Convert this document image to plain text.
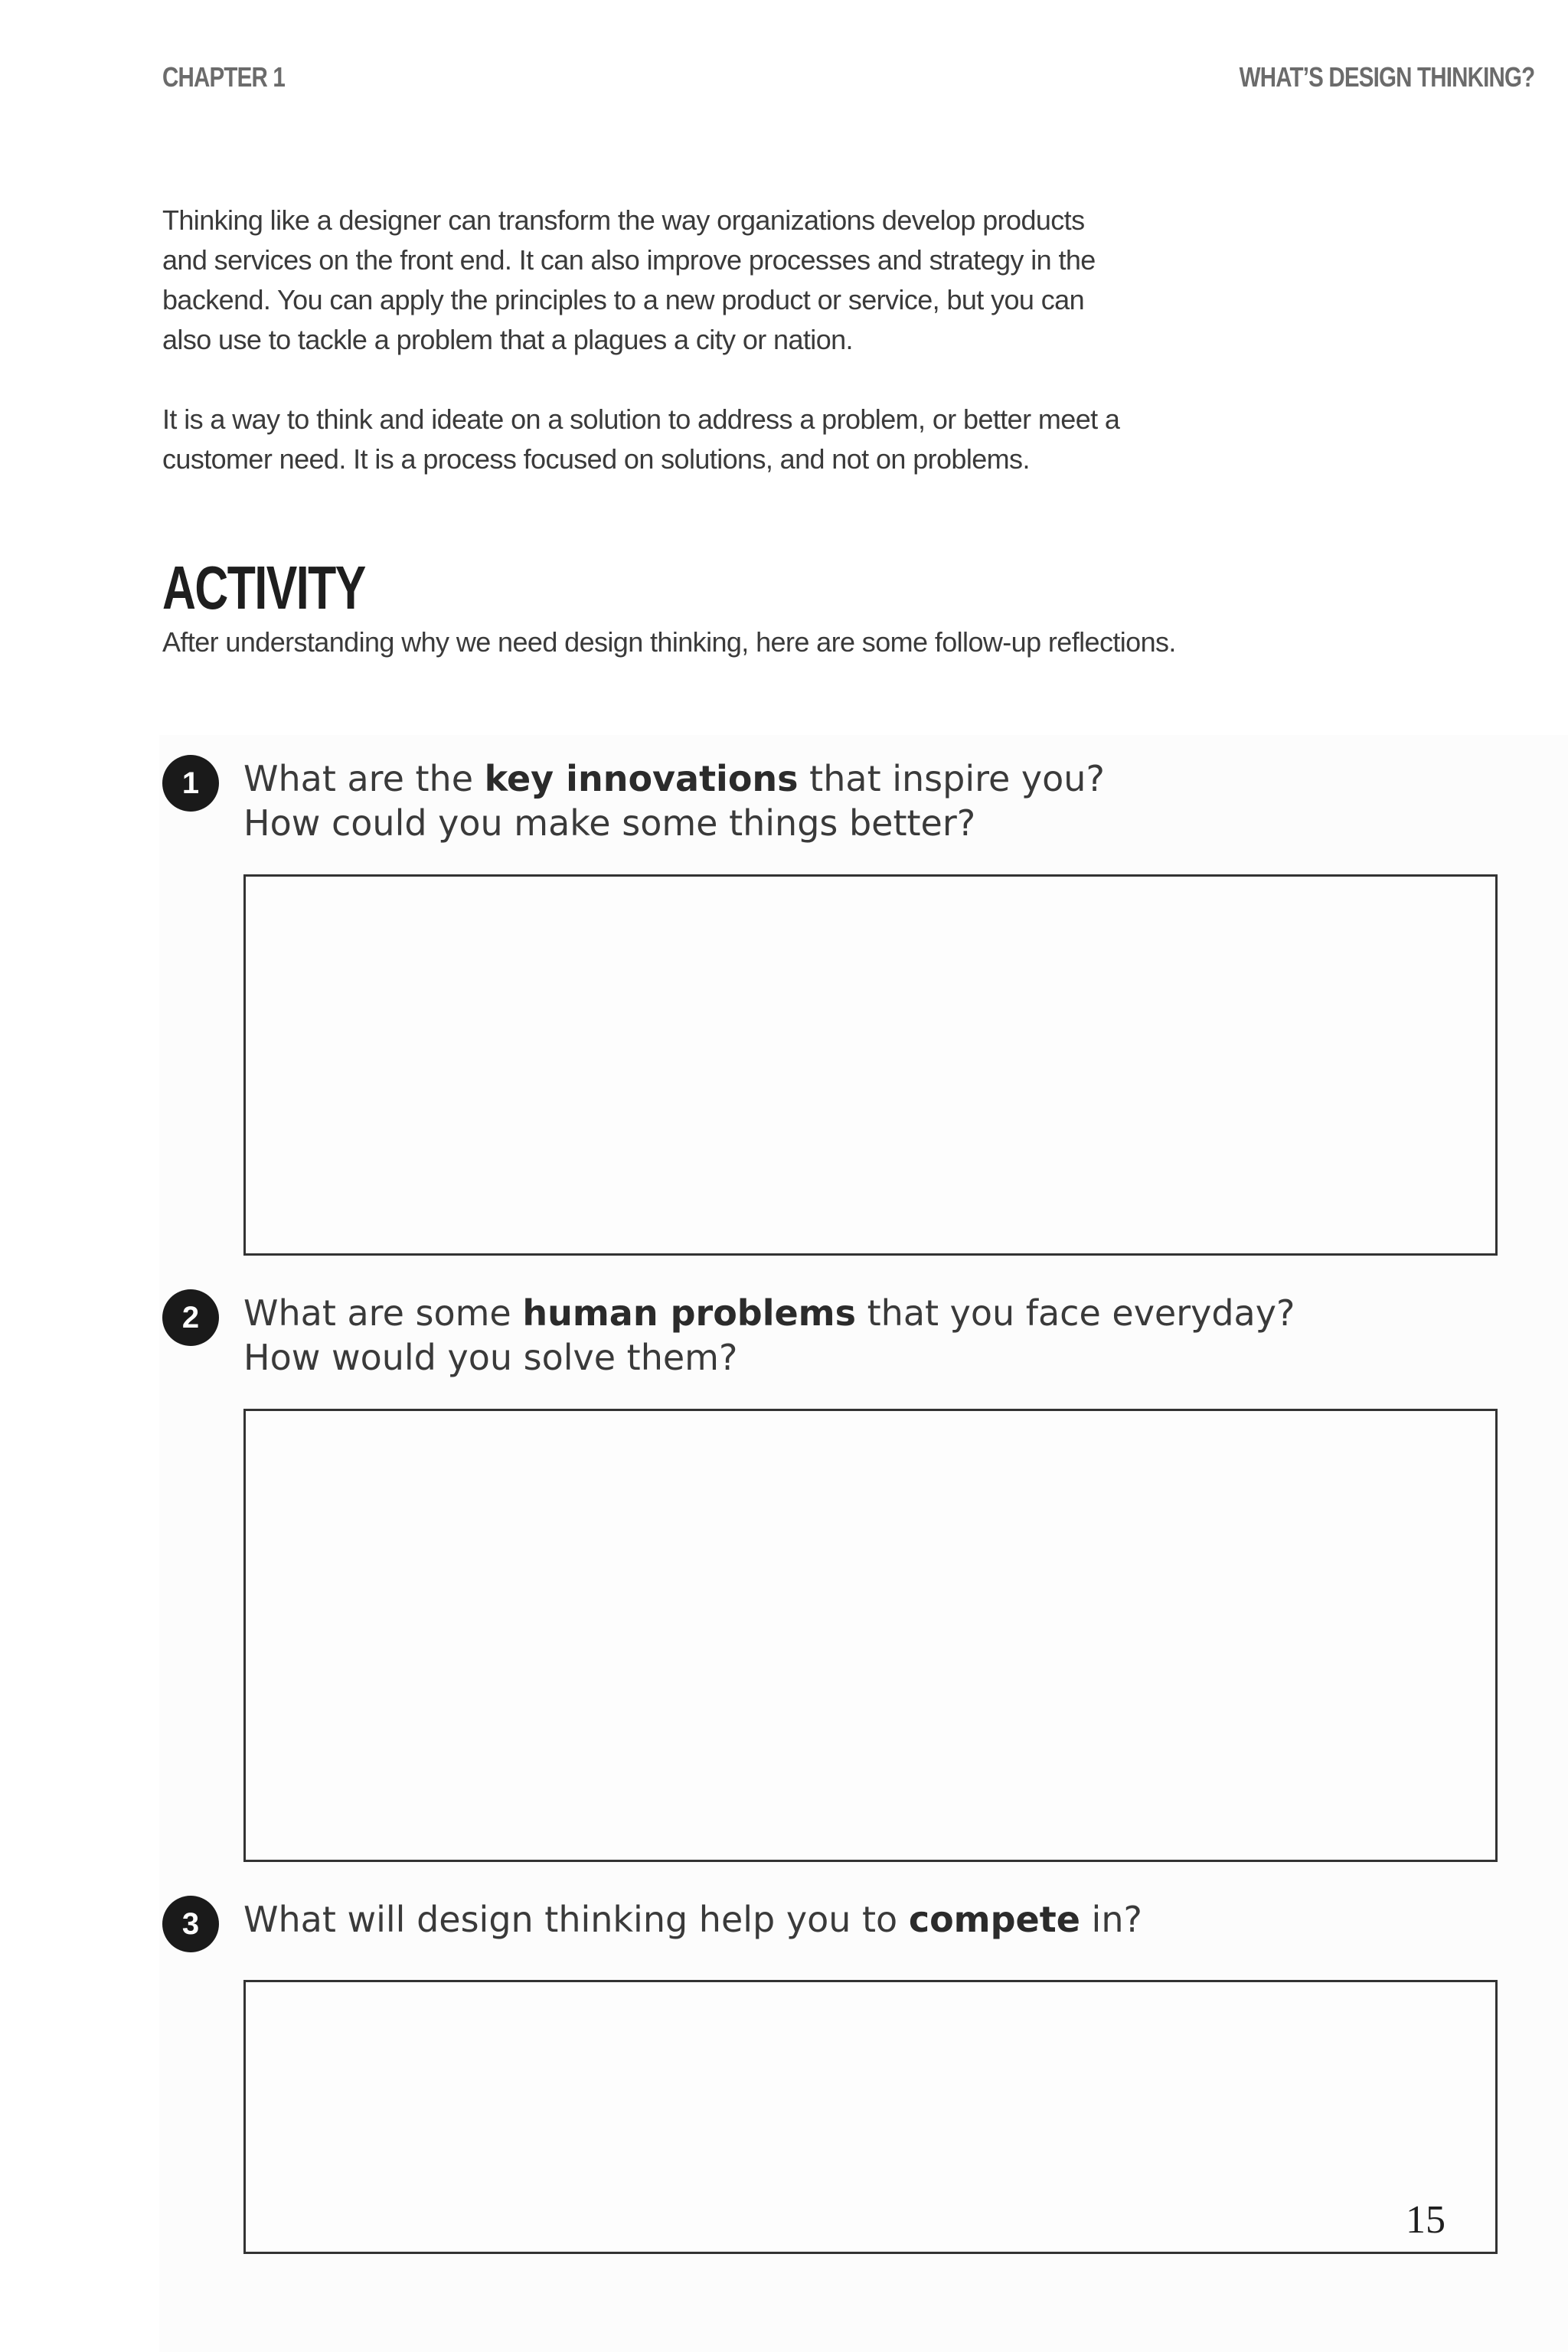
CHAPTER 1	WHAT’S DESIGN THINKING?

Thinking like a designer can transform the way organizations develop products
and services on the front end. It can also improve processes and strategy in the
backend. You can apply the principles to a new product or service, but you can
also use to tackle a problem that a plagues a city or nation.

It is a way to think and ideate on a solution to address a problem, or better meet a
customer need. It is a process focused on solutions, and not on problems.

ACTIVITY
After understanding why we need design thinking, here are some follow-up reflections.
1	What are the key innovations that inspire you?
How could you make some things better?
2	What are some human problems that you face everyday?
How would you solve them?
3	What will design thinking help you to compete in?
15
